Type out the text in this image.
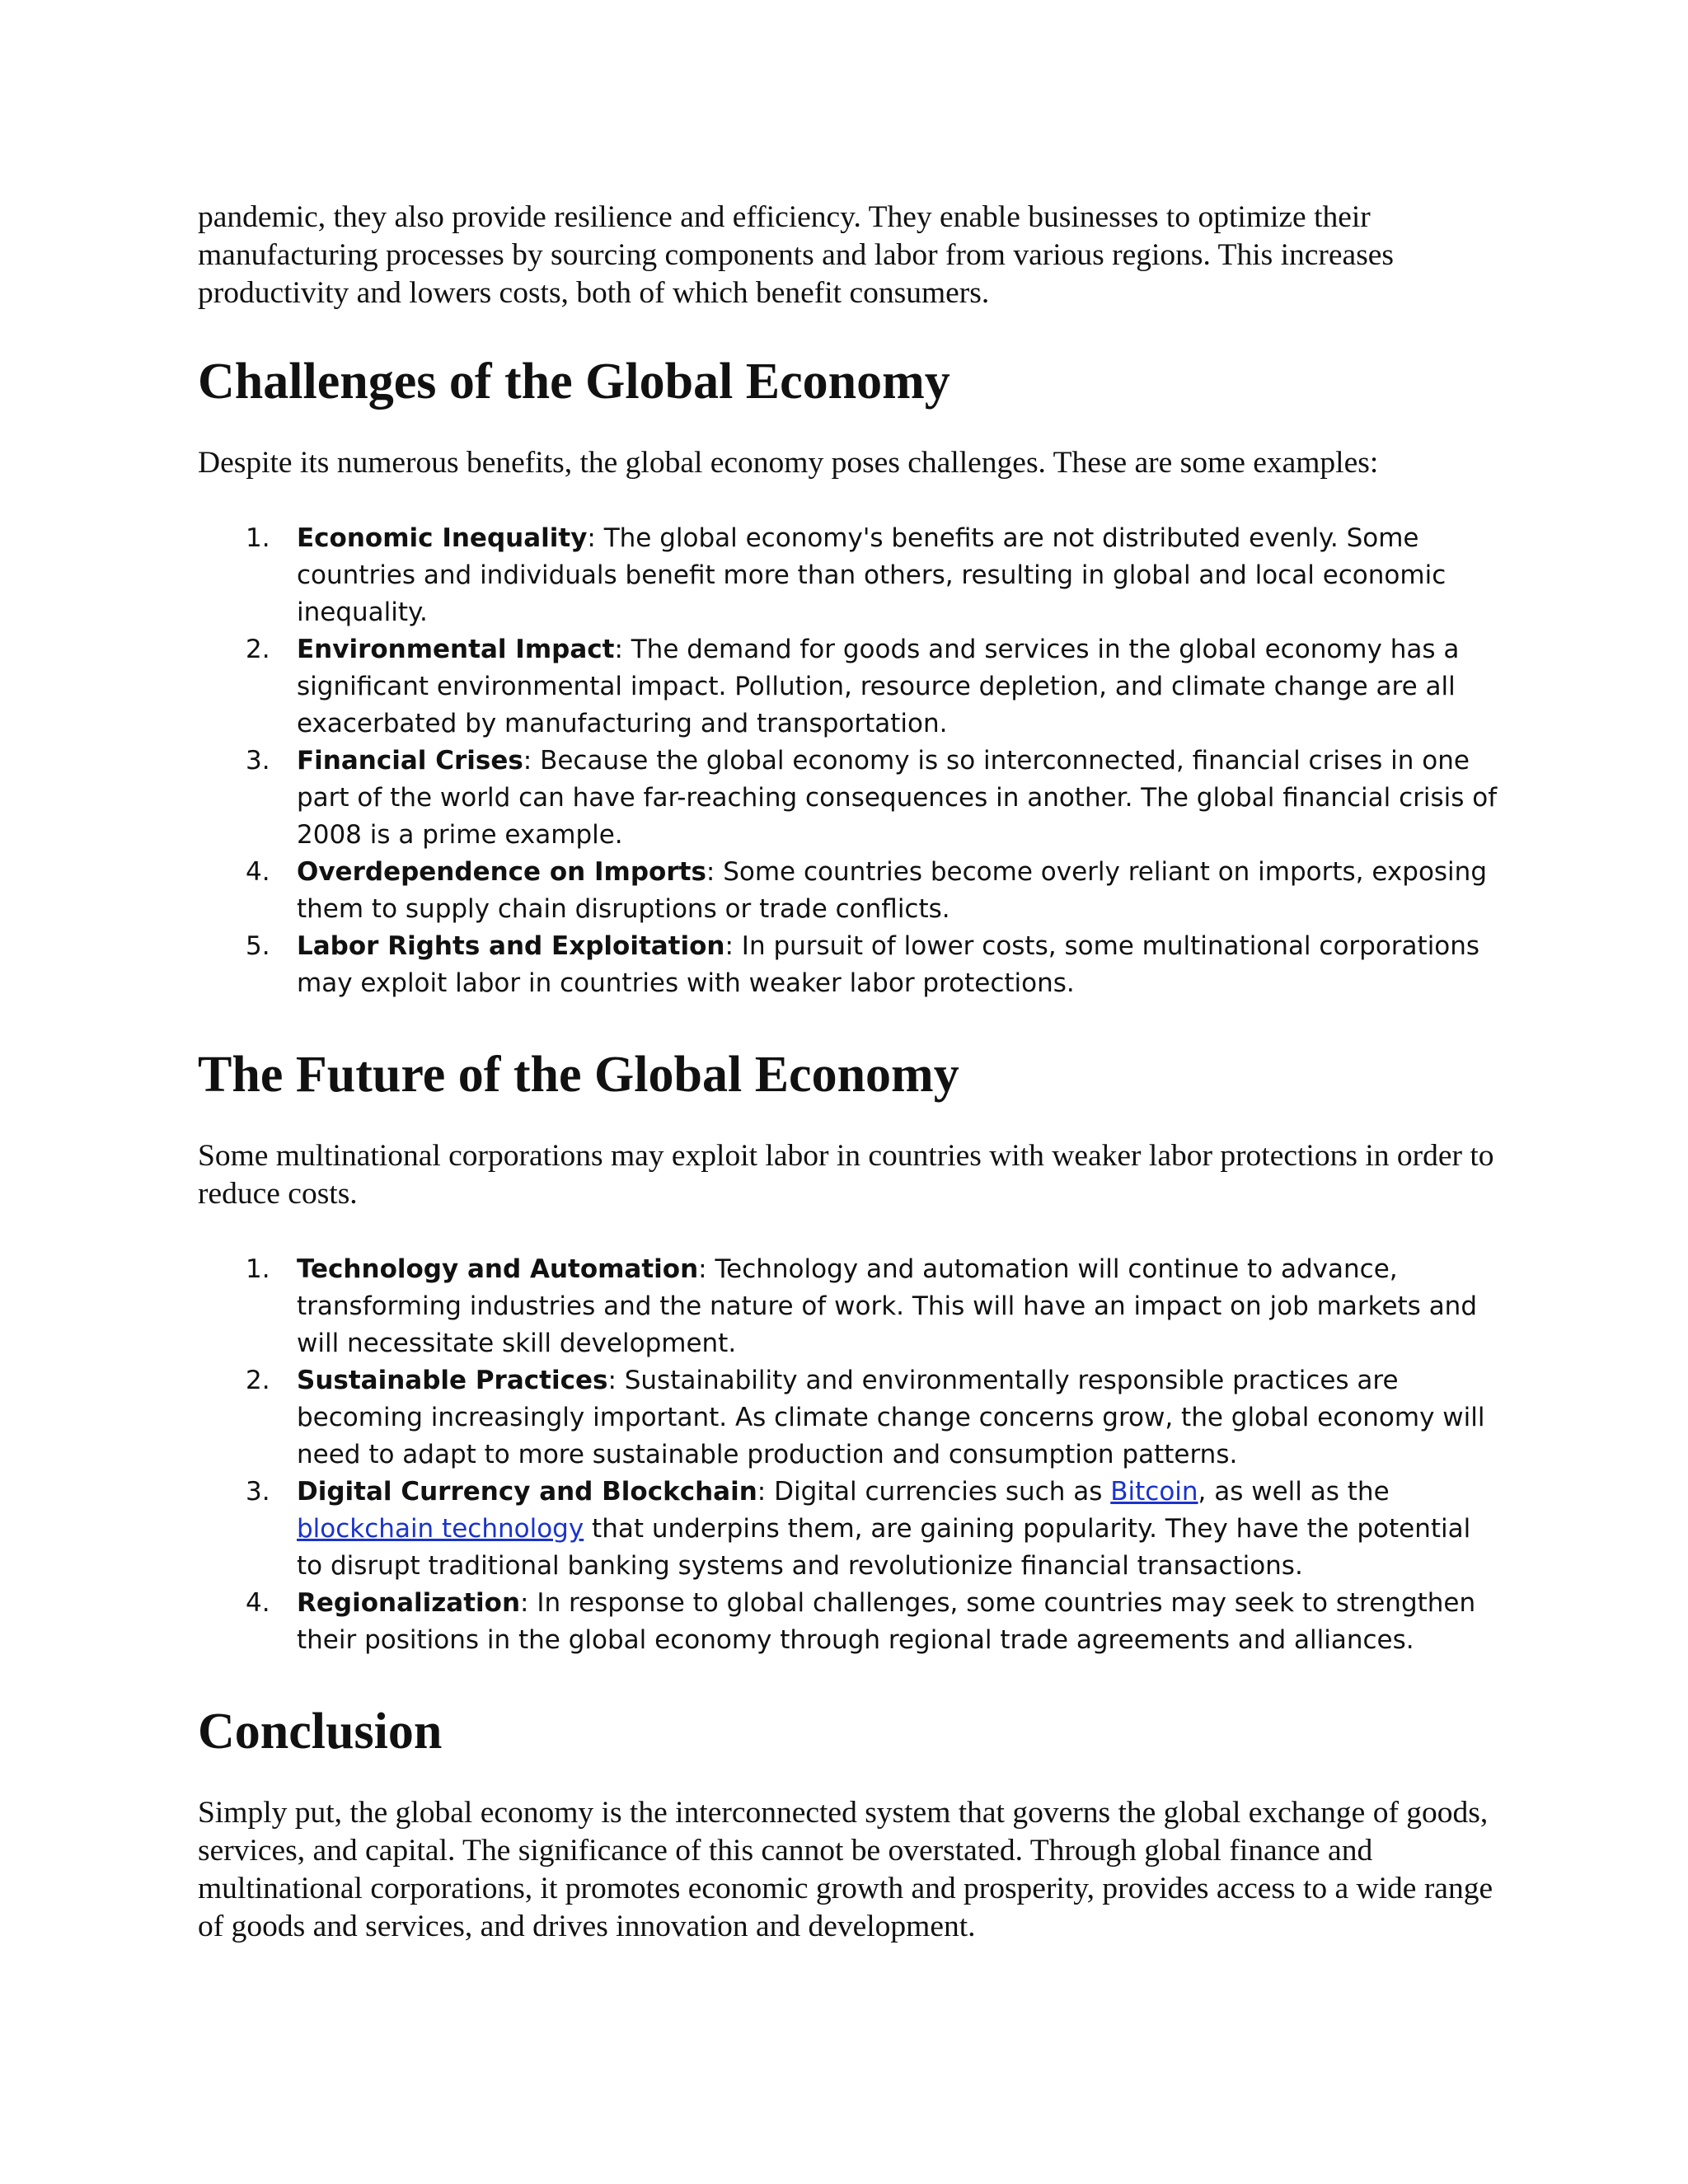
pandemic, they also provide resilience and efficiency. They enable businesses to optimize their manufacturing processes by sourcing components and labor from various regions. This increases productivity and lowers costs, both of which benefit consumers.

Challenges of the Global Economy

Despite its numerous benefits, the global economy poses challenges. These are some examples:

1.	Economic Inequality: The global economy's benefits are not distributed evenly. Some countries and individuals benefit more than others, resulting in global and local economic inequality.
2.	Environmental Impact: The demand for goods and services in the global economy has a significant environmental impact. Pollution, resource depletion, and climate change are all exacerbated by manufacturing and transportation.
3.	Financial Crises: Because the global economy is so interconnected, financial crises in one part of the world can have far-reaching consequences in another. The global financial crisis of 2008 is a prime example.
4.	Overdependence on Imports: Some countries become overly reliant on imports, exposing them to supply chain disruptions or trade conflicts.
5.	Labor Rights and Exploitation: In pursuit of lower costs, some multinational corporations may exploit labor in countries with weaker labor protections.
The Future of the Global Economy

Some multinational corporations may exploit labor in countries with weaker labor protections in order to reduce costs.

1.	Technology and Automation: Technology and automation will continue to advance, transforming industries and the nature of work. This will have an impact on job markets and will necessitate skill development.
2.	Sustainable Practices: Sustainability and environmentally responsible practices are becoming increasingly important. As climate change concerns grow, the global economy will need to adapt to more sustainable production and consumption patterns.
3.	Digital Currency and Blockchain: Digital currencies such as Bitcoin, as well as the blockchain technology that underpins them, are gaining popularity. They have the potential to disrupt traditional banking systems and revolutionize financial transactions.
4.	Regionalization: In response to global challenges, some countries may seek to strengthen their positions in the global economy through regional trade agreements and alliances.
Conclusion

Simply put, the global economy is the interconnected system that governs the global exchange of goods, services, and capital. The significance of this cannot be overstated. Through global finance and multinational corporations, it promotes economic growth and prosperity, provides access to a wide range of goods and services, and drives innovation and development.
